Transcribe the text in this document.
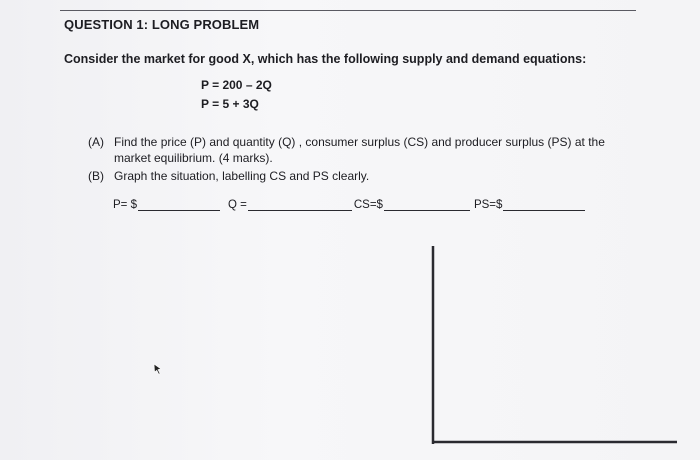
QUESTION 1: LONG PROBLEM
Consider the market for good X, which has the following supply and demand equations:
P = 200 – 2Q
P = 5 + 3Q
(A) Find the price (P) and quantity (Q) , consumer surplus (CS) and producer surplus (PS) at the market equilibrium. (4 marks).
(B) Graph the situation, labelling CS and PS clearly.
P= $	Q =	CS=$	PS=$
